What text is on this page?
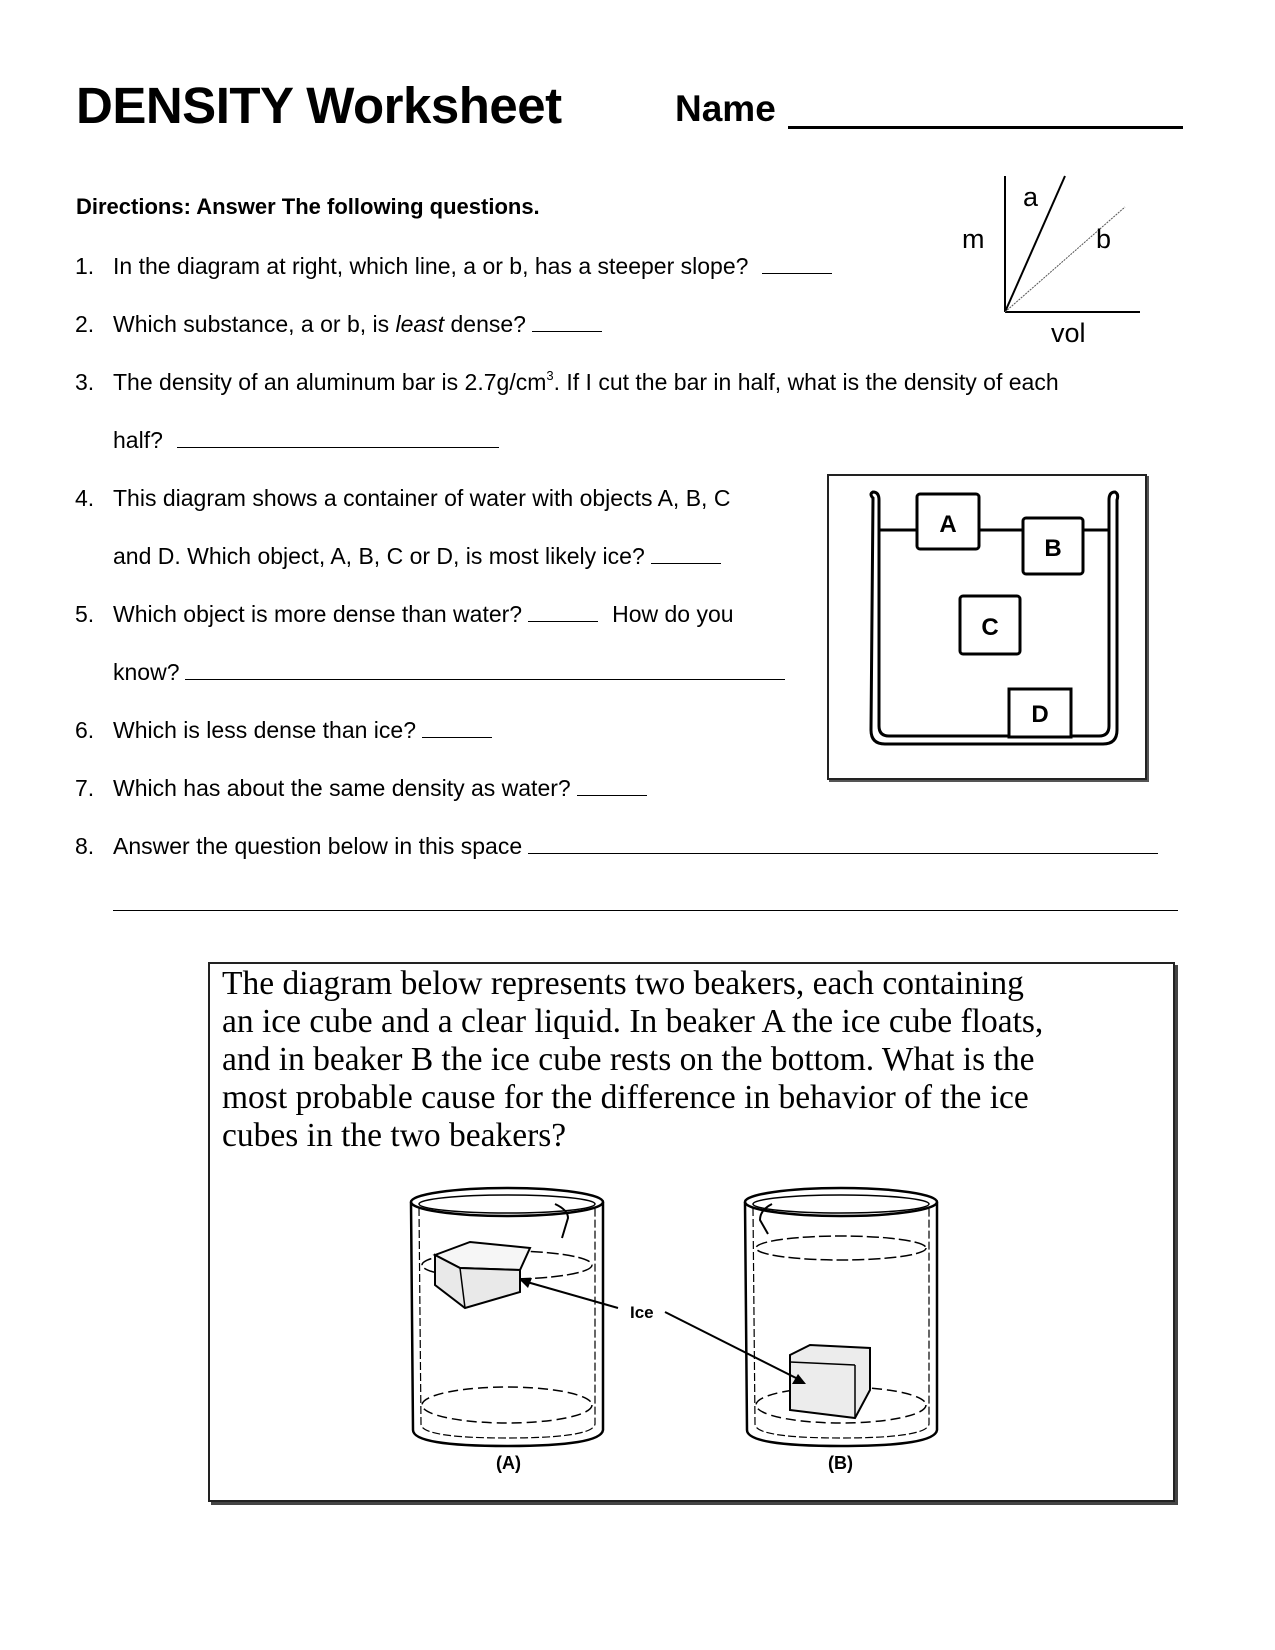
DENSITY Worksheet	Name
Directions: Answer The following questions.	a
b
m
vol
1. In the diagram at right, which line, a or b, has a steeper slope?
2. Which substance, a or b, is least dense?
3. The density of an aluminum bar is $2.7g/cm^3$. If I cut the bar in half, what is the density of each
half?
4. This diagram shows a container of water with objects A, B, C
and D. Which object, A, B, C or D, is most likely ice?
5. Which object is more dense than water?	How do you
know?
6. Which is less dense than ice?
7. Which has about the same density as water?
8. Answer the question below in this space
A
B
C
D
The diagram below represents two beakers, each containing
an ice cube and a clear liquid. In beaker A the ice cube floats,
and in beaker B the ice cube rests on the bottom. What is the
most probable cause for the difference in behavior of the ice
cubes in the two beakers?
Ice
(A)	(B)
